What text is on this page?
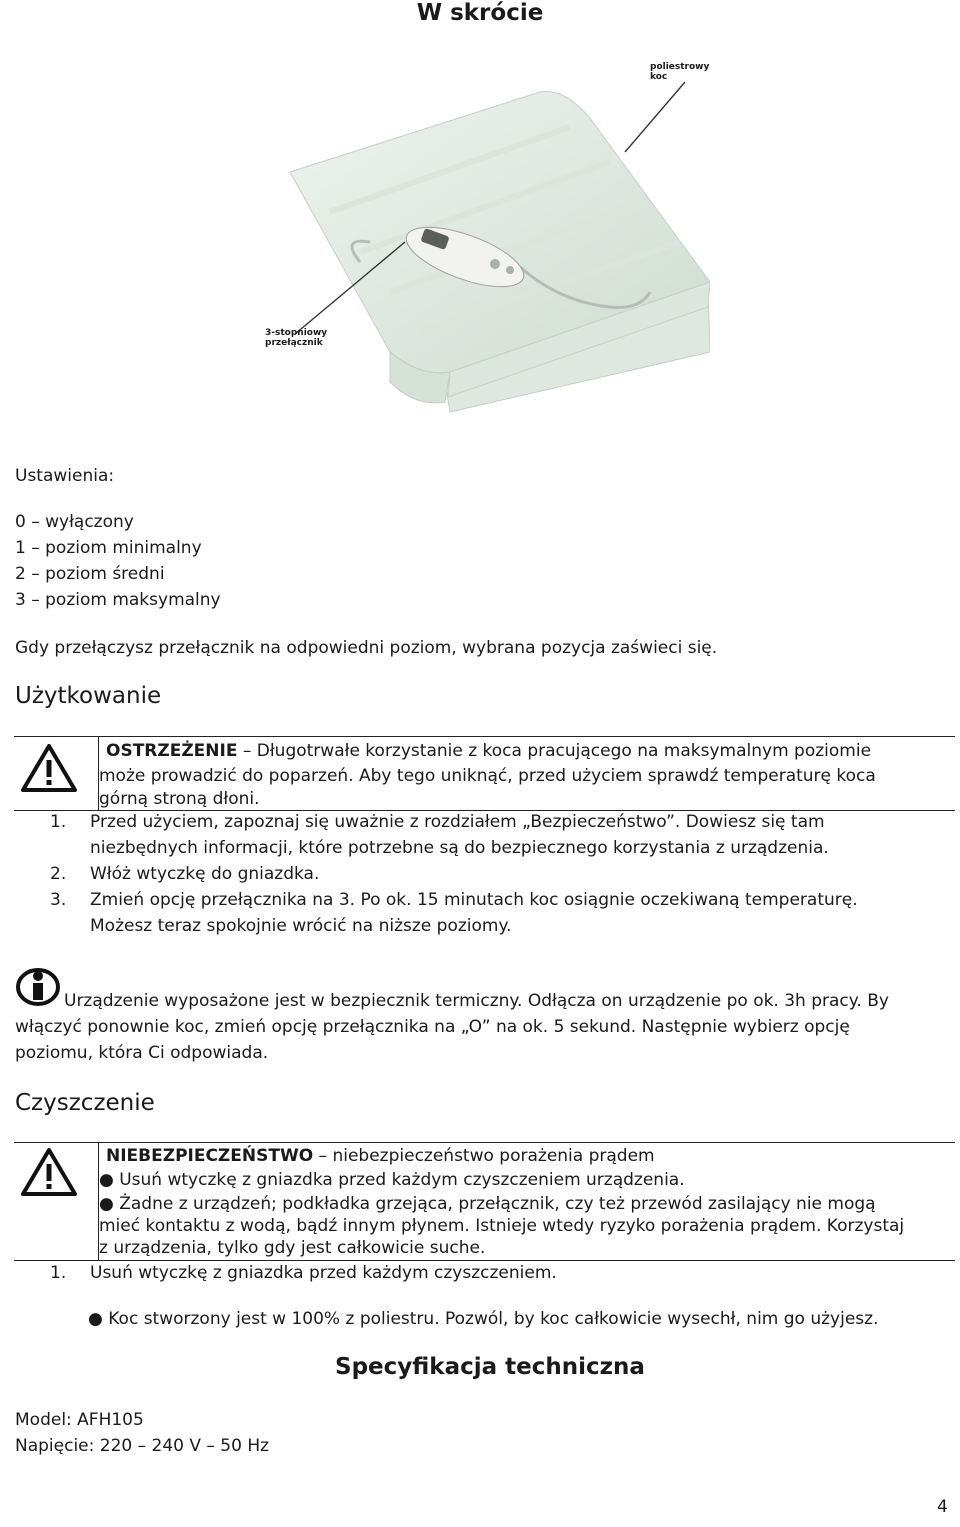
W skrócie
poliestrowy koc
3-stopniowy przełącznik
Ustawienia:
0 – wyłączony
1 – poziom minimalny
2 – poziom średni
3 – poziom maksymalny
Gdy przełączysz przełącznik na odpowiedni poziom, wybrana pozycja zaświeci się.
Użytkowanie
OSTRZEŻENIE – Długotrwałe korzystanie z koca pracującego na maksymalnym poziomie
może prowadzić do poparzeń. Aby tego uniknąć, przed użyciem sprawdź temperaturę koca
górną stroną dłoni.
1. Przed użyciem, zapoznaj się uważnie z rozdziałem „Bezpieczeństwo”. Dowiesz się tam
niezbędnych informacji, które potrzebne są do bezpiecznego korzystania z urządzenia.
2. Włóż wtyczkę do gniazdka.
3. Zmień opcję przełącznika na 3. Po ok. 15 minutach koc osiągnie oczekiwaną temperaturę.
Możesz teraz spokojnie wrócić na niższe poziomy.
Urządzenie wyposażone jest w bezpiecznik termiczny. Odłącza on urządzenie po ok. 3h pracy. By
włączyć ponownie koc, zmień opcję przełącznika na „O” na ok. 5 sekund. Następnie wybierz opcję
poziomu, która Ci odpowiada.
Czyszczenie
NIEBEZPIECZEŃSTWO – niebezpieczeństwo porażenia prądem
● Usuń wtyczkę z gniazdka przed każdym czyszczeniem urządzenia.
● Żadne z urządzeń; podkładka grzejąca, przełącznik, czy też przewód zasilający nie mogą
mieć kontaktu z wodą, bądź innym płynem. Istnieje wtedy ryzyko porażenia prądem. Korzystaj
z urządzenia, tylko gdy jest całkowicie suche.
1. Usuń wtyczkę z gniazdka przed każdym czyszczeniem.
● Koc stworzony jest w 100% z poliestru. Pozwól, by koc całkowicie wysechł, nim go użyjesz.
Specyfikacja techniczna
Model: AFH105
Napięcie: 220 – 240 V – 50 Hz
4
